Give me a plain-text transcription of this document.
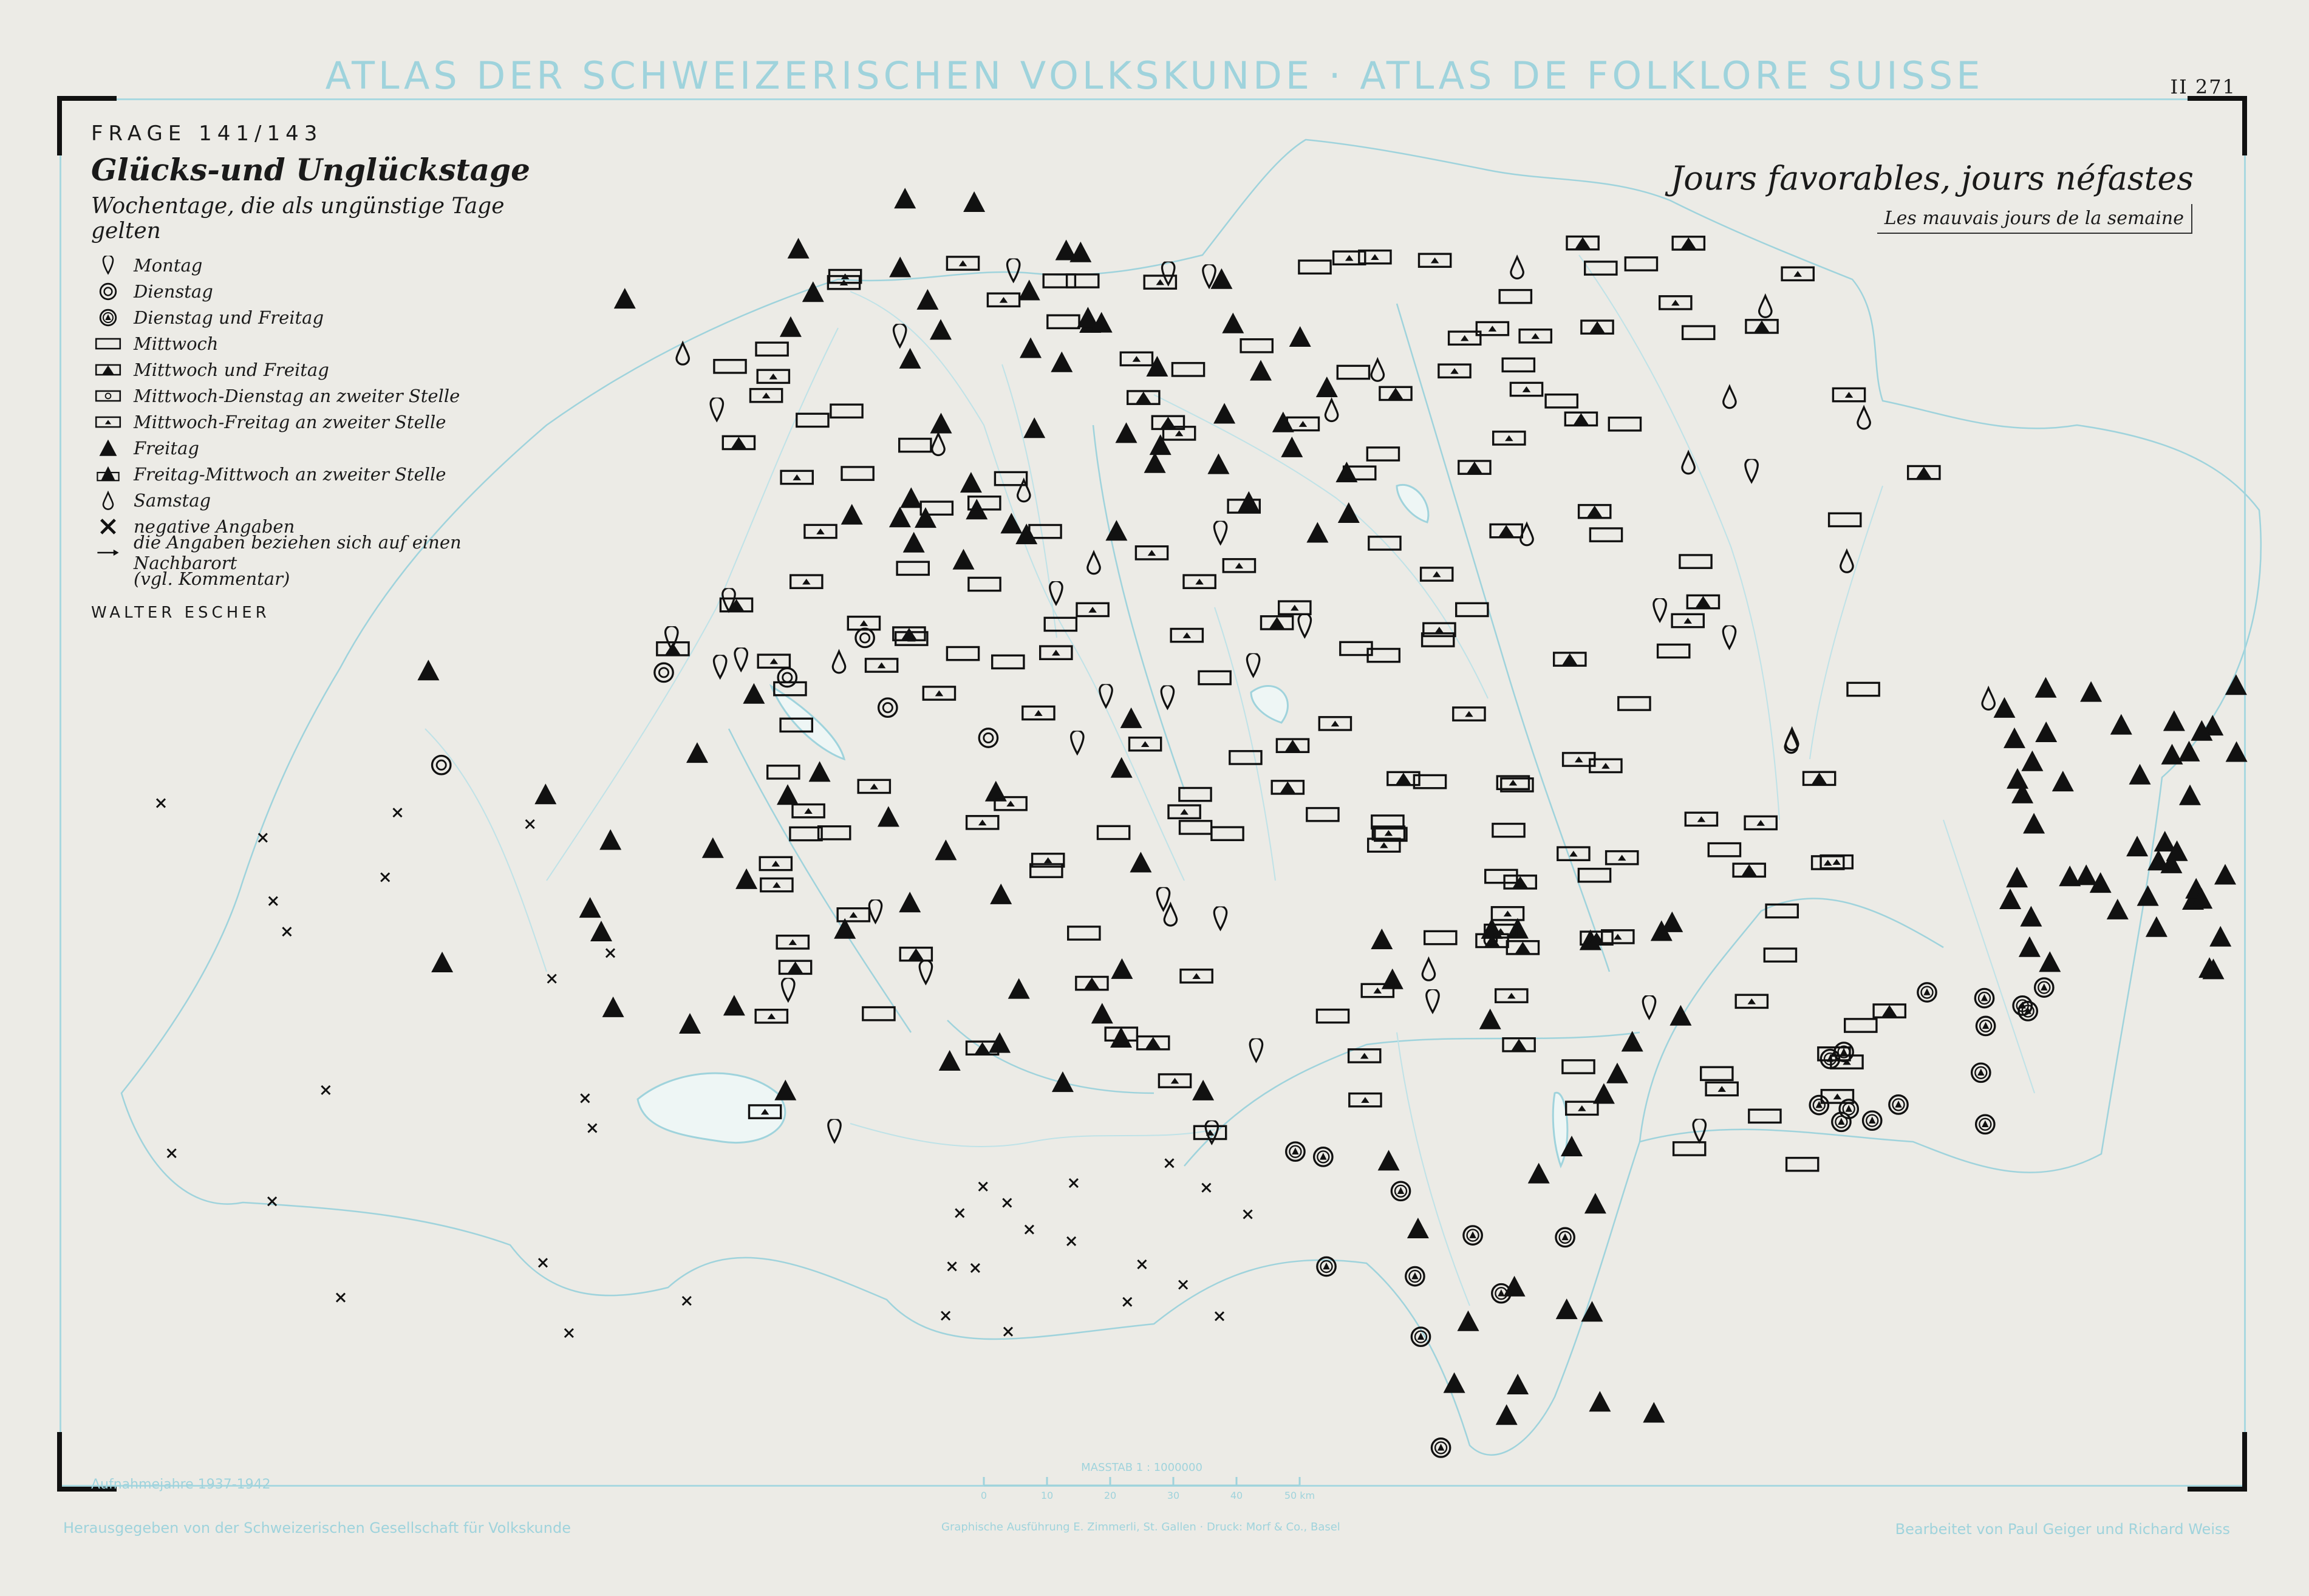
ATLAS DER SCHWEIZERISCHEN VOLKSKUNDE · ATLAS DE FOLKLORE SUISSE	II 271
MASSTAB 1 : 1000000
0	10	20	30	40	50 km
FRAGE 141/143
Glücks-und Unglückstage
Wochentage, die als ungünstige Tage gelten
Montag
Dienstag
Dienstag und Freitag
Mittwoch
Mittwoch und Freitag
Mittwoch-Dienstag an zweiter Stelle
Mittwoch-Freitag an zweiter Stelle
Freitag
Freitag-Mittwoch an zweiter Stelle
Samstag
negative Angaben
die Angaben beziehen sich auf einen Nachbarort
(vgl. Kommentar)
WALTER ESCHER
Jours favorables, jours néfastes
Les mauvais jours de la semaine
Aufnahmejahre 1937-1942
Herausgegeben von der Schweizerischen Gesellschaft für Volkskunde	Graphische Ausführung E. Zimmerli, St. Gallen · Druck: Morf & Co., Basel	Bearbeitet von Paul Geiger und Richard Weiss
